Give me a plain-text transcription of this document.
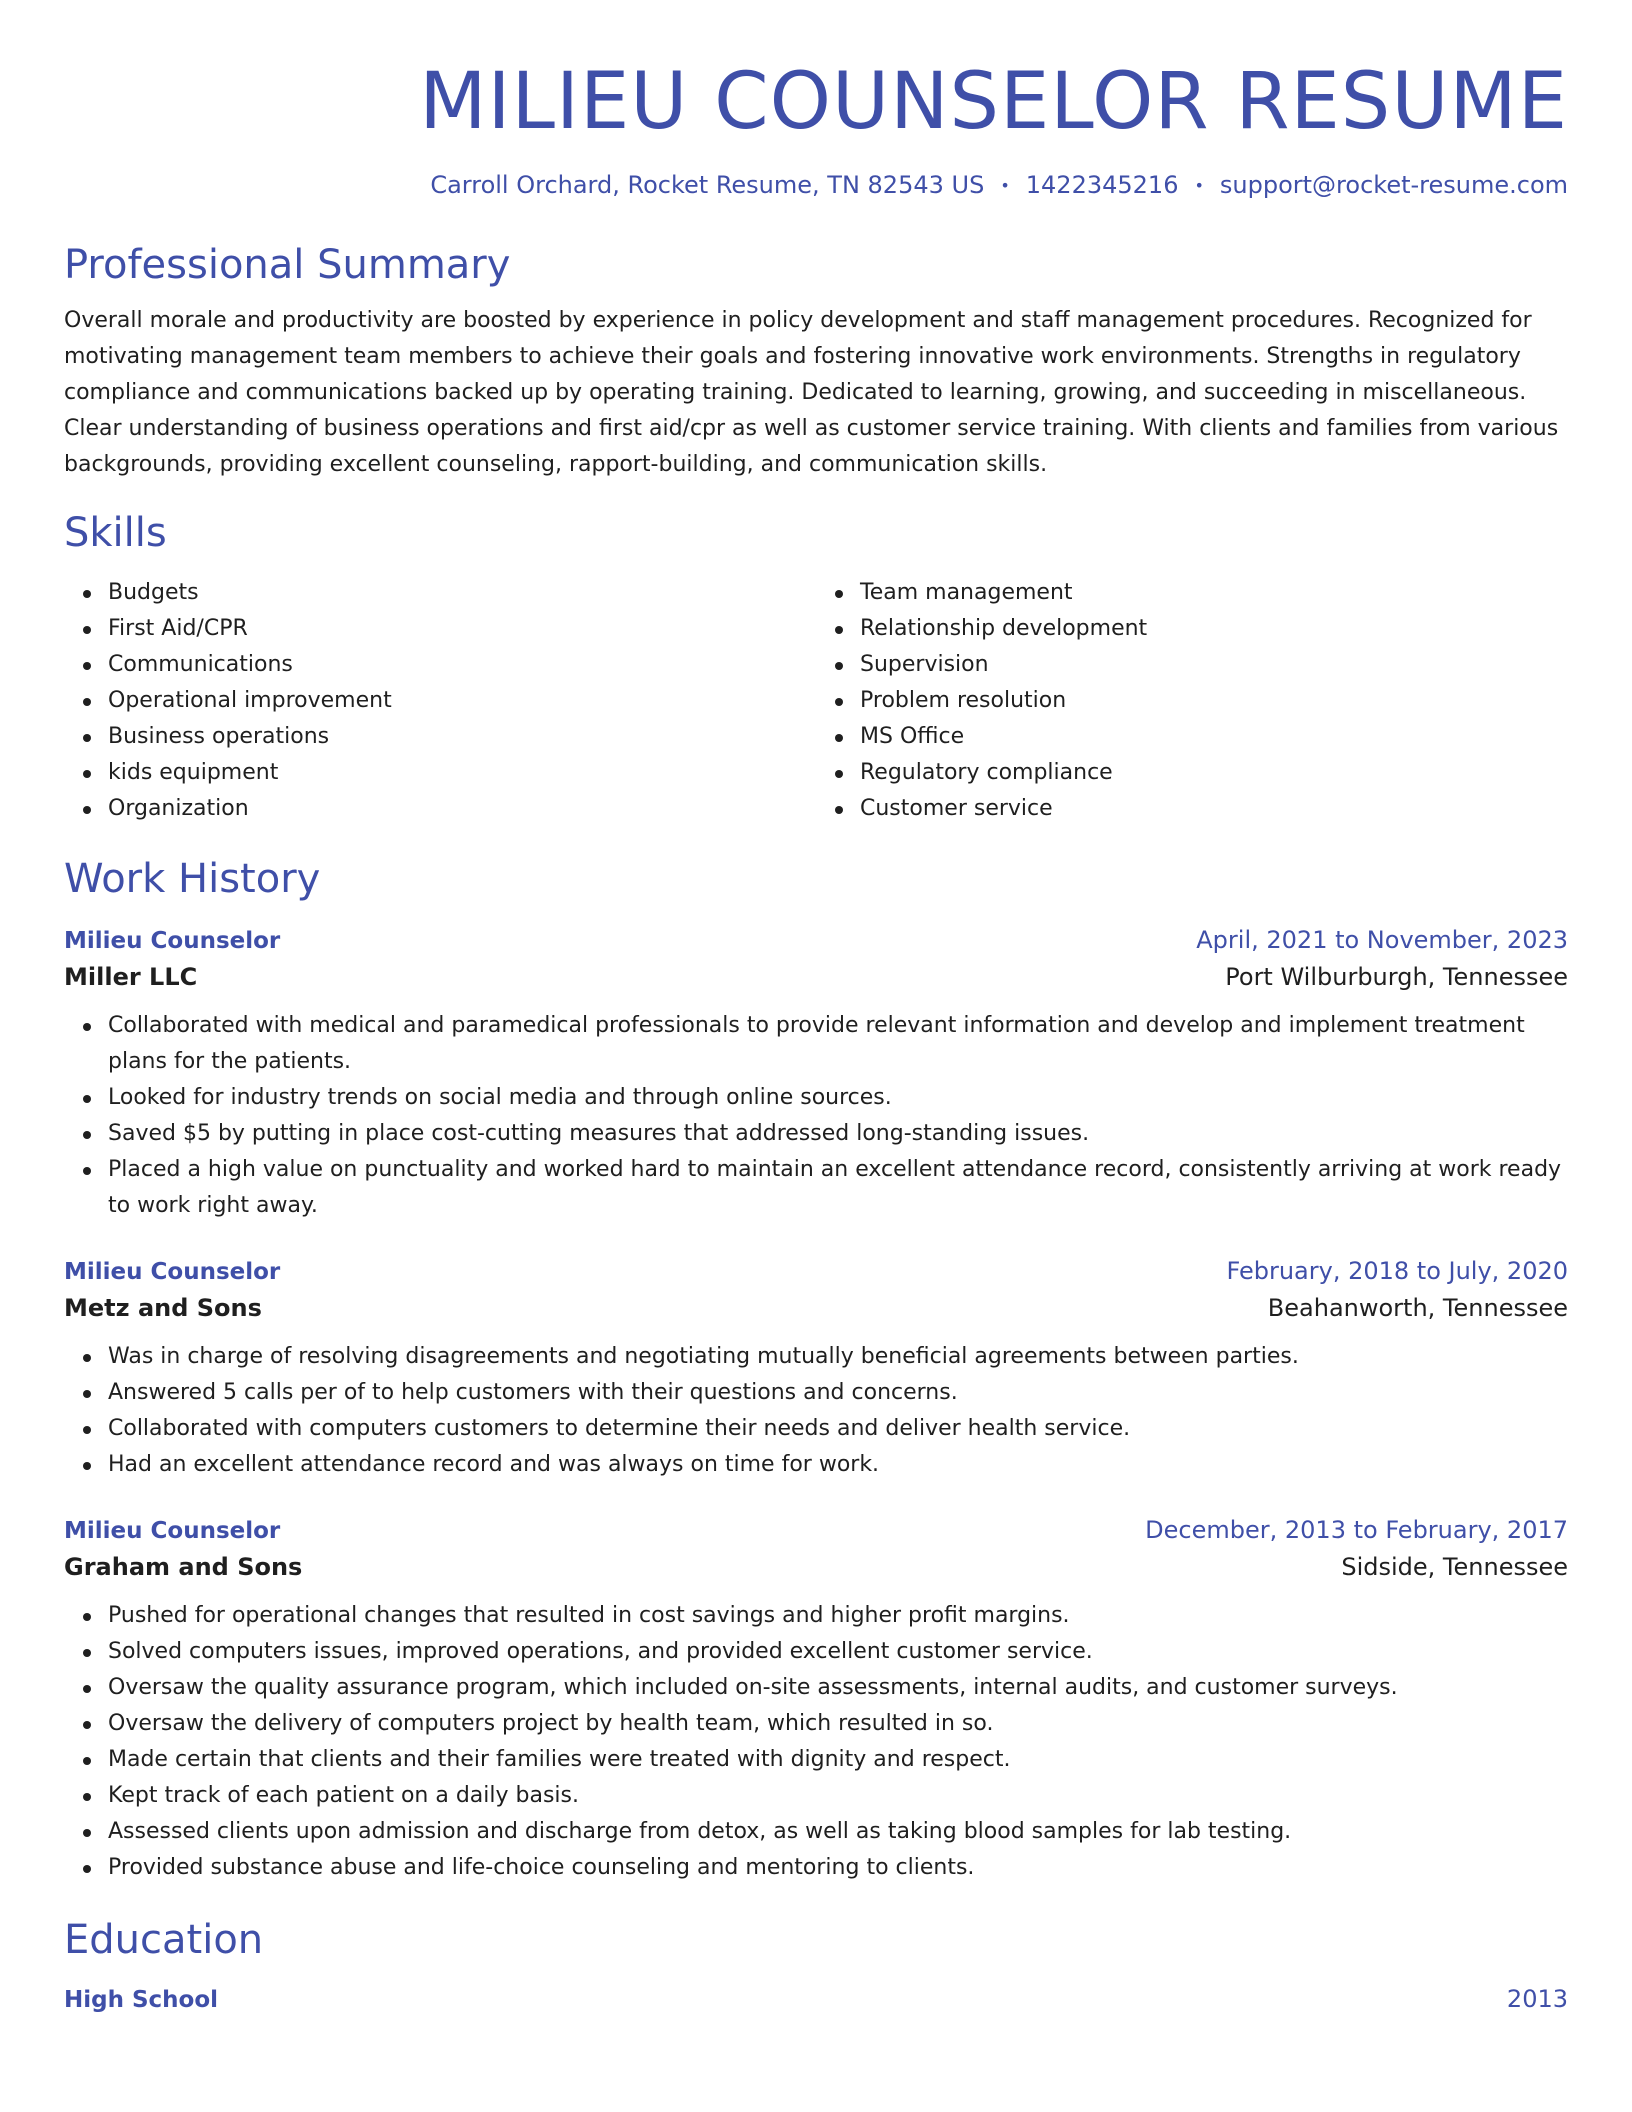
MILIEU COUNSELOR RESUME
Carroll Orchard, Rocket Resume, TN 82543 US • 1422345216 • support@rocket-resume.com
Professional Summary

Overall morale and productivity are boosted by experience in policy development and staff management procedures. Recognized for motivating management team members to achieve their goals and fostering innovative work environments. Strengths in regulatory compliance and communications backed up by operating training. Dedicated to learning, growing, and succeeding in miscellaneous. Clear understanding of business operations and first aid/cpr as well as customer service training. With clients and families from various backgrounds, providing excellent counseling, rapport-building, and communication skills.

Skills
Budgets
First Aid/CPR
Communications
Operational improvement
Business operations
kids equipment
Organization
Team management
Relationship development
Supervision
Problem resolution
MS Office
Regulatory compliance
Customer service
Work History
Milieu Counselor	April, 2021 to November, 2023
Miller LLC	Port Wilburburgh, Tennessee
Collaborated with medical and paramedical professionals to provide relevant information and develop and implement treatment plans for the patients.
Looked for industry trends on social media and through online sources.
Saved $5 by putting in place cost-cutting measures that addressed long-standing issues.
Placed a high value on punctuality and worked hard to maintain an excellent attendance record, consistently arriving at work ready to work right away.
Milieu Counselor	February, 2018 to July, 2020
Metz and Sons	Beahanworth, Tennessee
Was in charge of resolving disagreements and negotiating mutually beneficial agreements between parties.
Answered 5 calls per of to help customers with their questions and concerns.
Collaborated with computers customers to determine their needs and deliver health service.
Had an excellent attendance record and was always on time for work.
Milieu Counselor	December, 2013 to February, 2017
Graham and Sons	Sidside, Tennessee
Pushed for operational changes that resulted in cost savings and higher profit margins.
Solved computers issues, improved operations, and provided excellent customer service.
Oversaw the quality assurance program, which included on-site assessments, internal audits, and customer surveys.
Oversaw the delivery of computers project by health team, which resulted in so.
Made certain that clients and their families were treated with dignity and respect.
Kept track of each patient on a daily basis.
Assessed clients upon admission and discharge from detox, as well as taking blood samples for lab testing.
Provided substance abuse and life-choice counseling and mentoring to clients.
Education
High School	2013
